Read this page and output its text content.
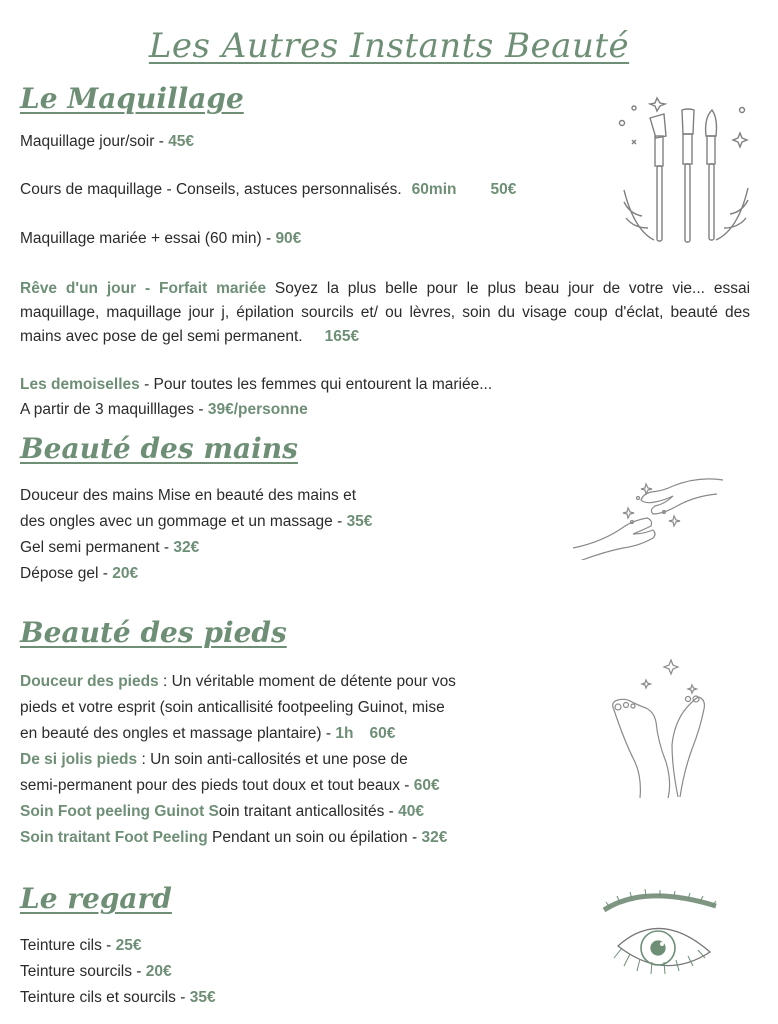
Les Autres Instants Beauté
Le Maquillage

Maquillage jour/soir - 45€

Cours de maquillage - Conseils, astuces personnalisés. 60min 50€

Maquillage mariée + essai (60 min) - 90€

Rêve d'un jour - Forfait mariée Soyez la plus belle pour le plus beau jour de votre vie... essai maquillage, maquillage jour j, épilation sourcils et/ ou lèvres, soin du visage coup d'éclat, beauté des mains avec pose de gel semi permanent. 165€

Les demoiselles - Pour toutes les femmes qui entourent la mariée...

A partir de 3 maquilllages - 39€/personne

Beauté des mains

Douceur des mains Mise en beauté des mains et

des ongles avec un gommage et un massage - 35€

Gel semi permanent - 32€

Dépose gel - 20€

Beauté des pieds

Douceur des pieds : Un véritable moment de détente pour vos

pieds et votre esprit (soin anticallisité footpeeling Guinot, mise

en beauté des ongles et massage plantaire) - 1h 60€

De si jolis pieds : Un soin anti-callosités et une pose de

semi-permanent pour des pieds tout doux et tout beaux - 60€

Soin Foot peeling Guinot Soin traitant anticallosités - 40€

Soin traitant Foot Peeling Pendant un soin ou épilation - 32€

Le regard

Teinture cils - 25€

Teinture sourcils - 20€

Teinture cils et sourcils - 35€
